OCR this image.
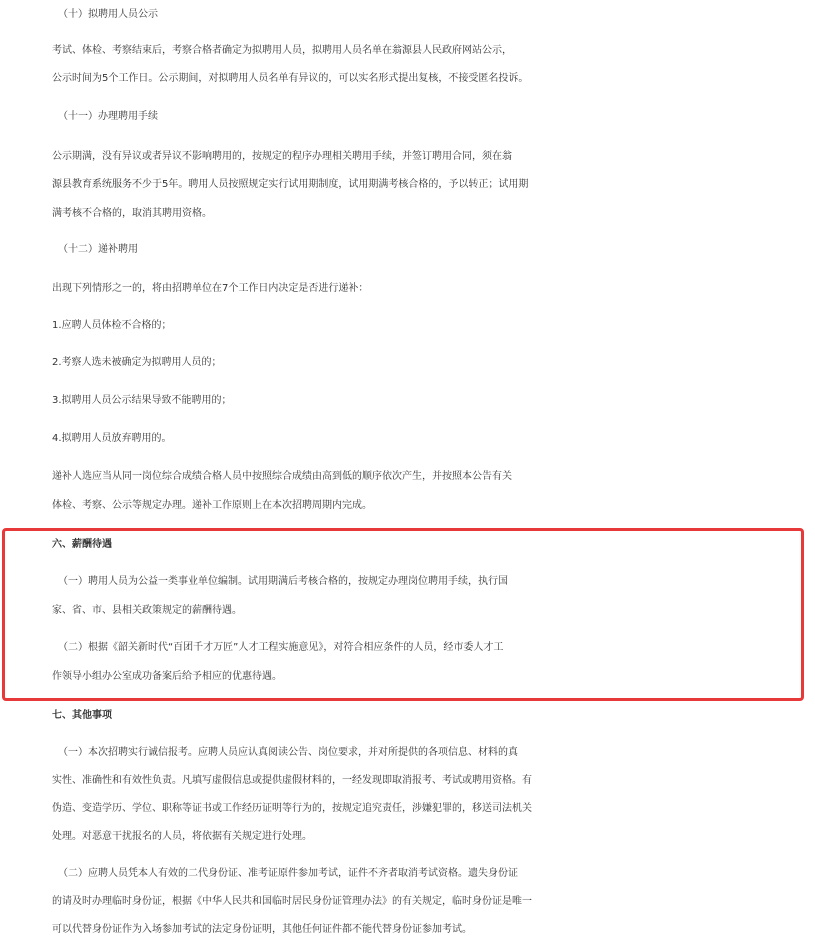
（十）拟聘用人员公示
考试、体检、考察结束后，考察合格者确定为拟聘用人员，拟聘用人员名单在翁源县人民政府网站公示，
公示时间为5个工作日。公示期间，对拟聘用人员名单有异议的，可以实名形式提出复核，不接受匿名投诉。
（十一）办理聘用手续
公示期满，没有异议或者异议不影响聘用的，按规定的程序办理相关聘用手续，并签订聘用合同，须在翁
源县教育系统服务不少于5年。聘用人员按照规定实行试用期制度，试用期满考核合格的，予以转正；试用期
满考核不合格的，取消其聘用资格。
（十二）递补聘用
出现下列情形之一的，将由招聘单位在7个工作日内决定是否进行递补：
1.应聘人员体检不合格的；
2.考察人选未被确定为拟聘用人员的；
3.拟聘用人员公示结果导致不能聘用的；
4.拟聘用人员放弃聘用的。
递补人选应当从同一岗位综合成绩合格人员中按照综合成绩由高到低的顺序依次产生，并按照本公告有关
体检、考察、公示等规定办理。递补工作原则上在本次招聘周期内完成。
六、薪酬待遇
（一）聘用人员为公益一类事业单位编制。试用期满后考核合格的，按规定办理岗位聘用手续，执行国
家、省、市、县相关政策规定的薪酬待遇。
（二）根据《韶关新时代“百团千才万匠”人才工程实施意见》，对符合相应条件的人员，经市委人才工
作领导小组办公室成功备案后给予相应的优惠待遇。
七、其他事项
（一）本次招聘实行诚信报考。应聘人员应认真阅读公告、岗位要求，并对所提供的各项信息、材料的真
实性、准确性和有效性负责。凡填写虚假信息或提供虚假材料的，一经发现即取消报考、考试或聘用资格。有
伪造、变造学历、学位、职称等证书或工作经历证明等行为的，按规定追究责任，涉嫌犯罪的，移送司法机关
处理。对恶意干扰报名的人员，将依据有关规定进行处理。
（二）应聘人员凭本人有效的二代身份证、准考证原件参加考试，证件不齐者取消考试资格。遗失身份证
的请及时办理临时身份证，根据《中华人民共和国临时居民身份证管理办法》的有关规定，临时身份证是唯一
可以代替身份证作为入场参加考试的法定身份证明，其他任何证件都不能代替身份证参加考试。
